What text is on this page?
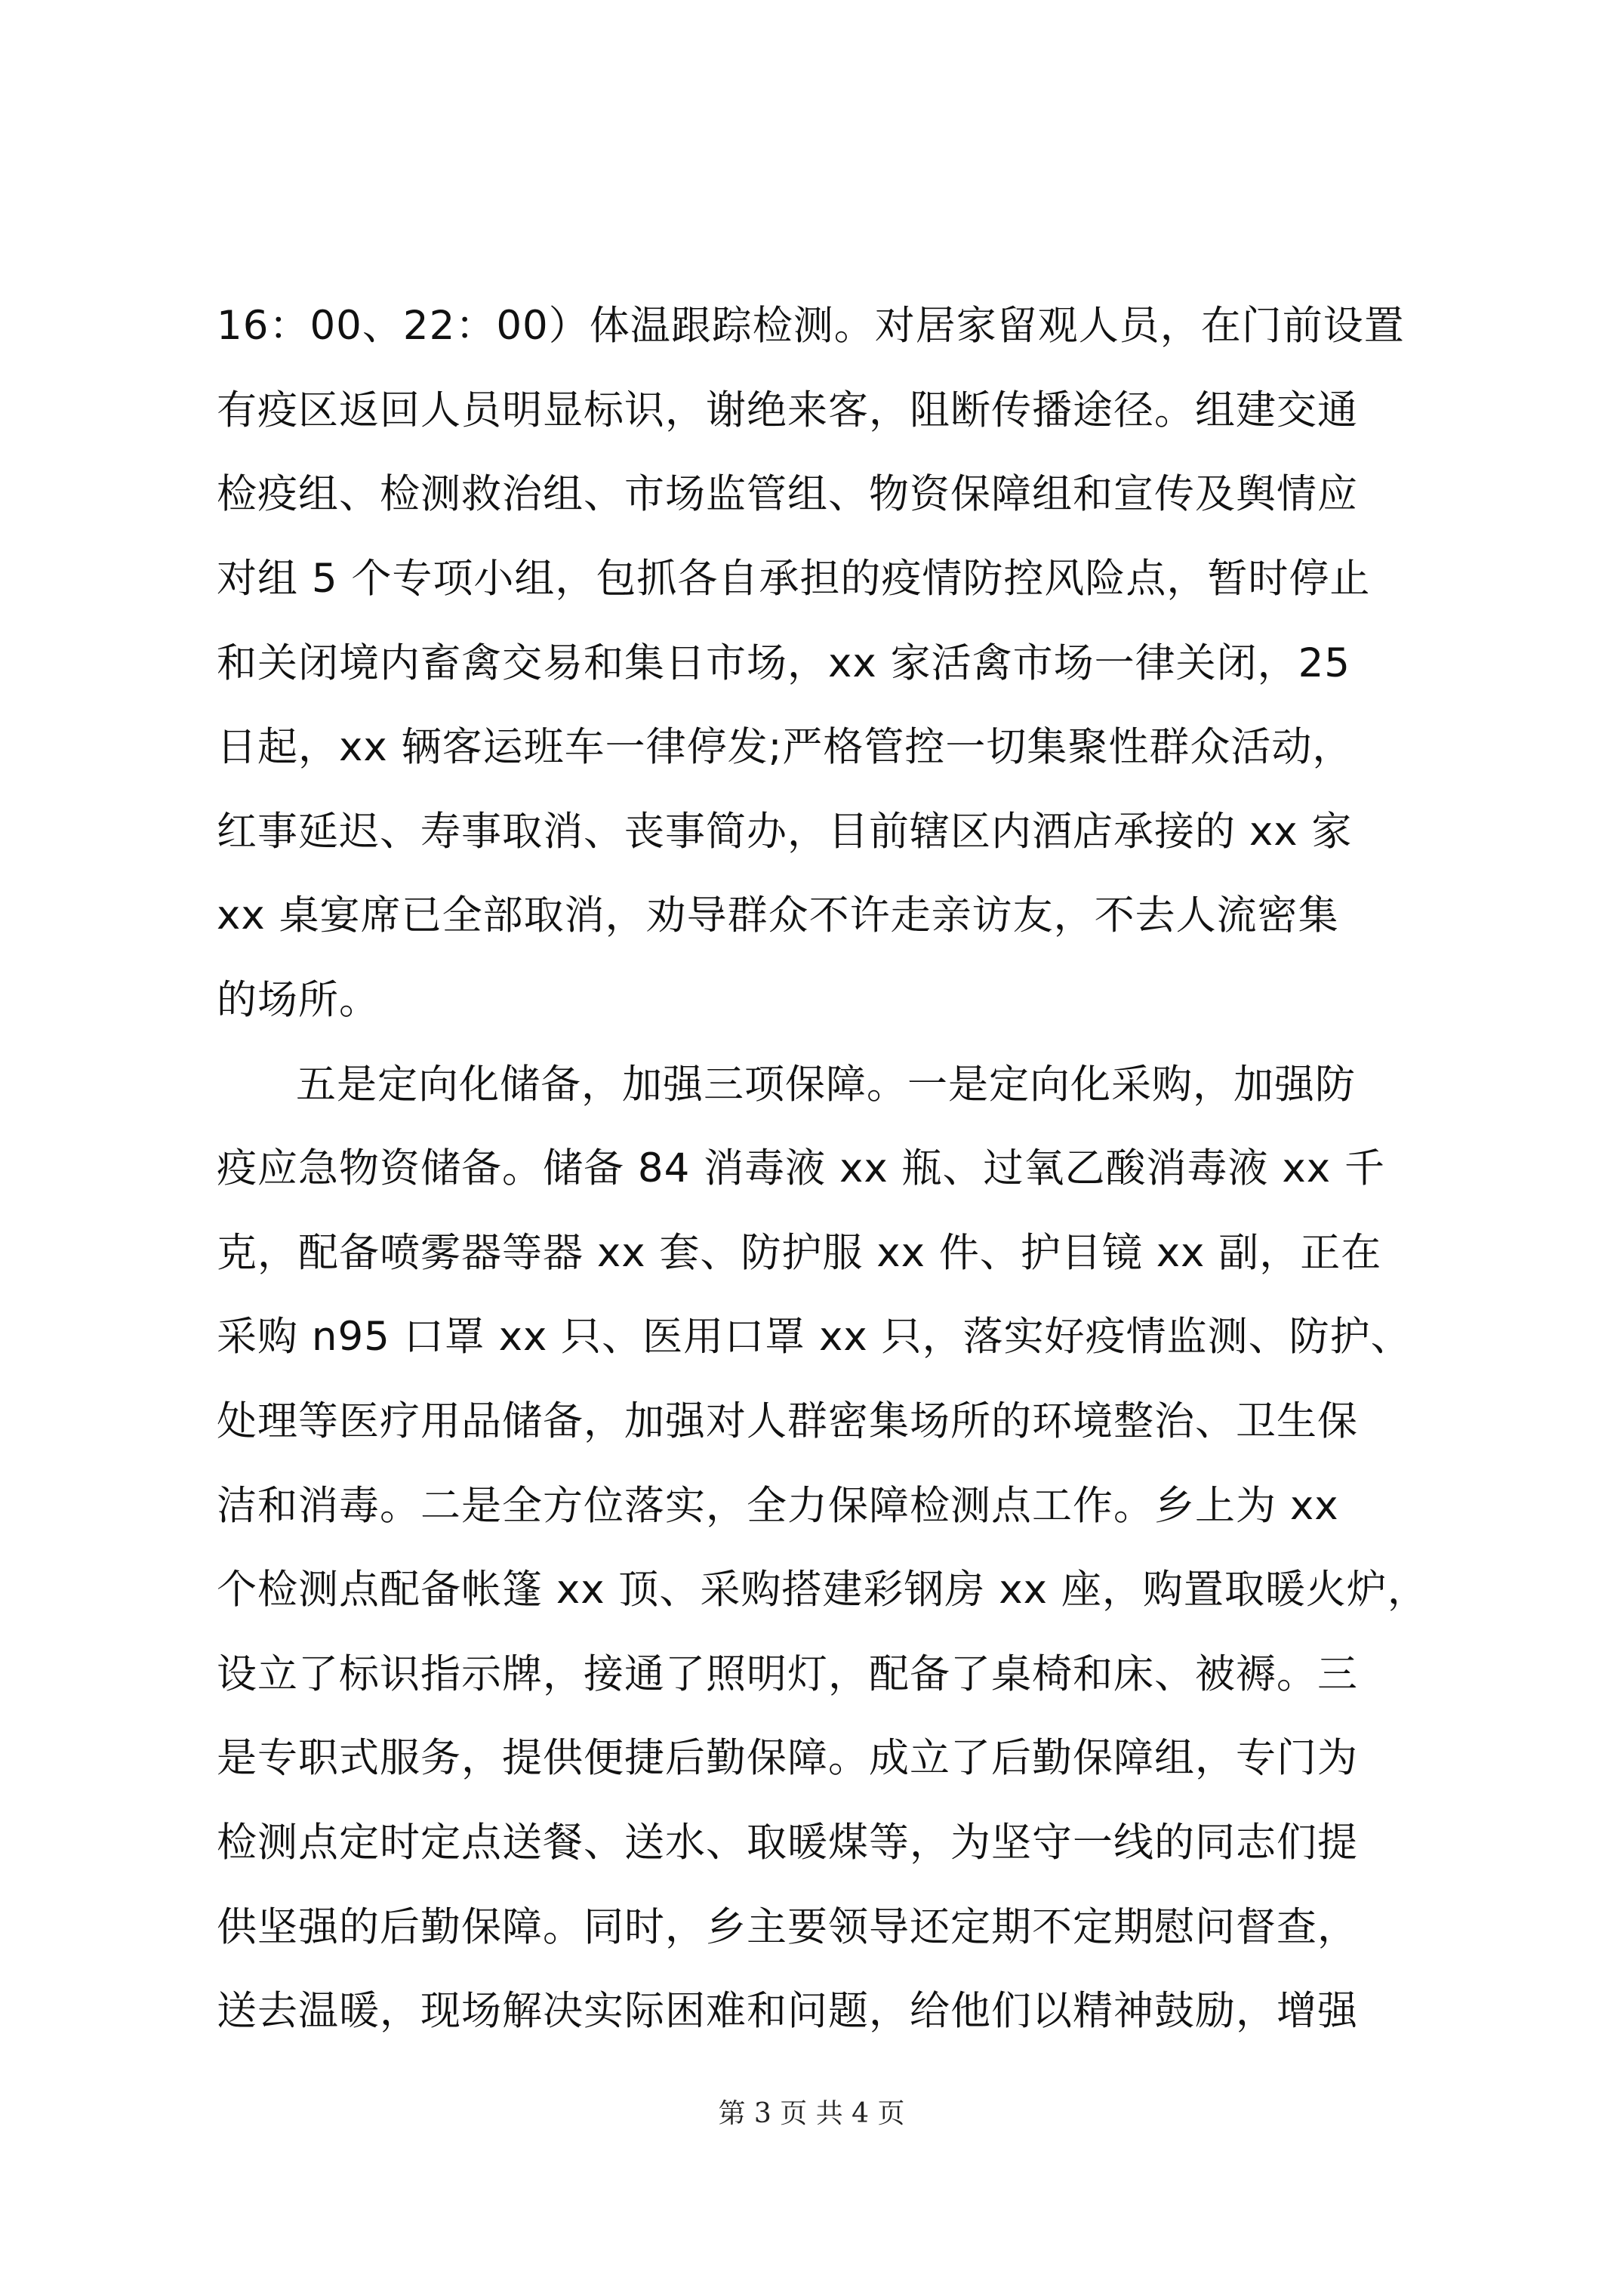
16：00、22：00）体温跟踪检测。对居家留观人员，在门前设置
有疫区返回人员明显标识，谢绝来客，阻断传播途径。组建交通
检疫组、检测救治组、市场监管组、物资保障组和宣传及舆情应
对组 5 个专项小组，包抓各自承担的疫情防控风险点，暂时停止
和关闭境内畜禽交易和集日市场，xx 家活禽市场一律关闭，25
日起，xx 辆客运班车一律停发;严格管控一切集聚性群众活动，
红事延迟、寿事取消、丧事简办，目前辖区内酒店承接的 xx 家
xx 桌宴席已全部取消，劝导群众不许走亲访友，不去人流密集
的场所。
五是定向化储备，加强三项保障。一是定向化采购，加强防
疫应急物资储备。储备 84 消毒液 xx 瓶、过氧乙酸消毒液 xx 千
克，配备喷雾器等器 xx 套、防护服 xx 件、护目镜 xx 副，正在
采购 n95 口罩 xx 只、医用口罩 xx 只，落实好疫情监测、防护、
处理等医疗用品储备，加强对人群密集场所的环境整治、卫生保
洁和消毒。二是全方位落实，全力保障检测点工作。乡上为 xx
个检测点配备帐篷 xx 顶、采购搭建彩钢房 xx 座，购置取暖火炉，
设立了标识指示牌，接通了照明灯，配备了桌椅和床、被褥。三
是专职式服务，提供便捷后勤保障。成立了后勤保障组，专门为
检测点定时定点送餐、送水、取暖煤等，为坚守一线的同志们提
供坚强的后勤保障。同时，乡主要领导还定期不定期慰问督查，
送去温暖，现场解决实际困难和问题，给他们以精神鼓励，增强
第 3 页 共 4 页
